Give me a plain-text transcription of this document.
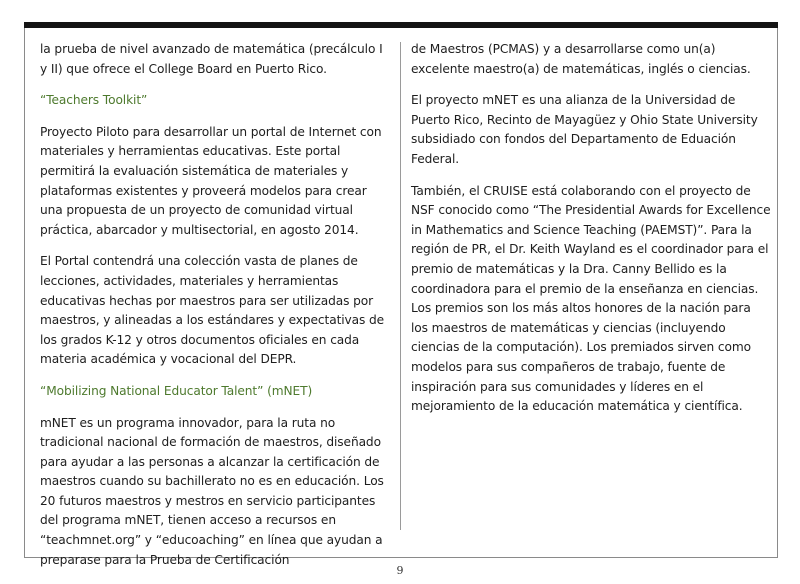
la prueba de nivel avanzado de matemática (precálculo I y II) que ofrece el College Board en Puerto Rico.

“Teachers Toolkit”

Proyecto Piloto para desarrollar un portal de Internet con materiales y herramientas educativas. Este portal permitirá la evaluación sistemática de materiales y plataformas existentes y proveerá modelos para crear una propuesta de un proyecto de comunidad virtual práctica, abarcador y multisectorial, en agosto 2014.

El Portal contendrá una colección vasta de planes de lecciones, actividades, materiales y herramientas educativas hechas por maestros para ser utilizadas por maestros, y alineadas a los estándares y expectativas de los grados K-12 y otros documentos oficiales en cada materia académica y vocacional del DEPR.

“Mobilizing National Educator Talent” (mNET)

mNET es un programa innovador, para la ruta no tradicional nacional de formación de maestros, diseñado para ayudar a las personas a alcanzar la certificación de maestros cuando su bachillerato no es en educación. Los 20 futuros maestros y mestros en servicio participantes del programa mNET, tienen acceso a recursos en “teachmnet.org” y “educoaching” en línea que ayudan a preparase para la Prueba de Certificación

de Maestros (PCMAS) y a desarrollarse como un(a) excelente maestro(a) de matemáticas, inglés o ciencias.

El proyecto mNET es una alianza de la Universidad de Puerto Rico, Recinto de Mayagüez y Ohio State University subsidiado con fondos del Departamento de Eduación Federal.

También, el CRUISE está colaborando con el proyecto de NSF conocido como “The Presidential Awards for Excellence in Mathematics and Science Teaching (PAEMST)”. Para la región de PR, el Dr. Keith Wayland es el coordinador para el premio de matemáticas y la Dra. Canny Bellido es la coordinadora para el premio de la enseñanza en ciencias. Los premios son los más altos honores de la nación para los maestros de matemáticas y ciencias (incluyendo ciencias de la computación). Los premiados sirven como modelos para sus compañeros de trabajo, fuente de inspiración para sus comunidades y líderes en el mejoramiento de la educación matemática y científica.

9
